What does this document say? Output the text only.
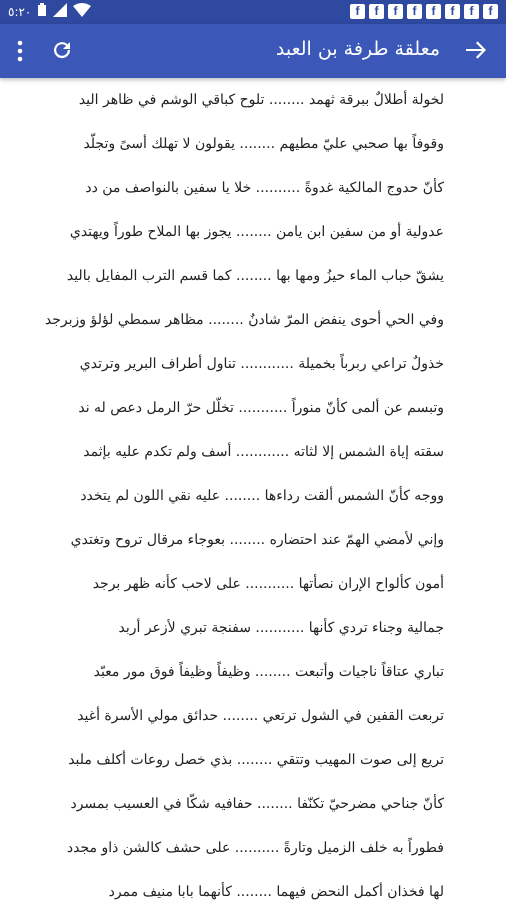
٥:٢٠	f	f	f	f	f	f	f	f
معلقة طرفة بن العبد
لخولة أطلالٌ ببرقة ثهمد ........ تلوح كباقي الوشم في ظاهر اليد
وقوفاً بها صحبي عليّ مطيهم ........ يقولون لا تهلك أسىً وتجلّد
كأنّ حدوج المالكية غدوةً .......... خلا يا سفين بالنواصف من دد
عدولية أو من سفين ابن يامن ........ يجوز بها الملاح طوراً ويهتدي
يشقّ حباب الماء حيزُ ومها بها ........ كما قسم الترب المفايل باليد
وفي الحي أحوى ينفض المرّ شادنٌ ........ مظاهر سمطي لؤلؤ وزبرجد
خذولٌ تراعي ربرباً بخميلة ............ تناول أطراف البرير وترتدي
وتبسم عن ألمى كأنّ منوراً ........... تخلّل حرّ الرمل دعص له ند
سقته إياة الشمس إلا لثاته ............ أسف ولم تكدم عليه بإثمد
ووجه كأنّ الشمس ألقت رداءها ........ عليه نقي اللون لم يتخدد
وإني لأمضي الهمّ عند احتضاره ........ بعوجاء مرقال تروح وتغتدي
أمون كألواح الإران نصأتها ........... على لاحب كأنه ظهر برجد
جمالية وجناء تردي كأنها ........... سفنجة تبري لأزعر أربد
تباري عتاقاً ناجيات وأتبعت ........ وظيفاً وظيفاً فوق مور معبّد
تربعت القفين في الشول ترتعي ........ حدائق مولي الأسرة أغيد
تريع إلى صوت المهيب وتتقي ........ بذي خصل روعات أكلف ملبد
كأنّ جناحي مضرحيّ تكنّفا ........ حفافيه شكّا في العسيب بمسرد
فطوراً به خلف الزميل وتارةً .......... على حشف كالشن ذاو مجدد
لها فخذان أكمل النحض فيهما ........ كأنهما بابا منيف ممرد
